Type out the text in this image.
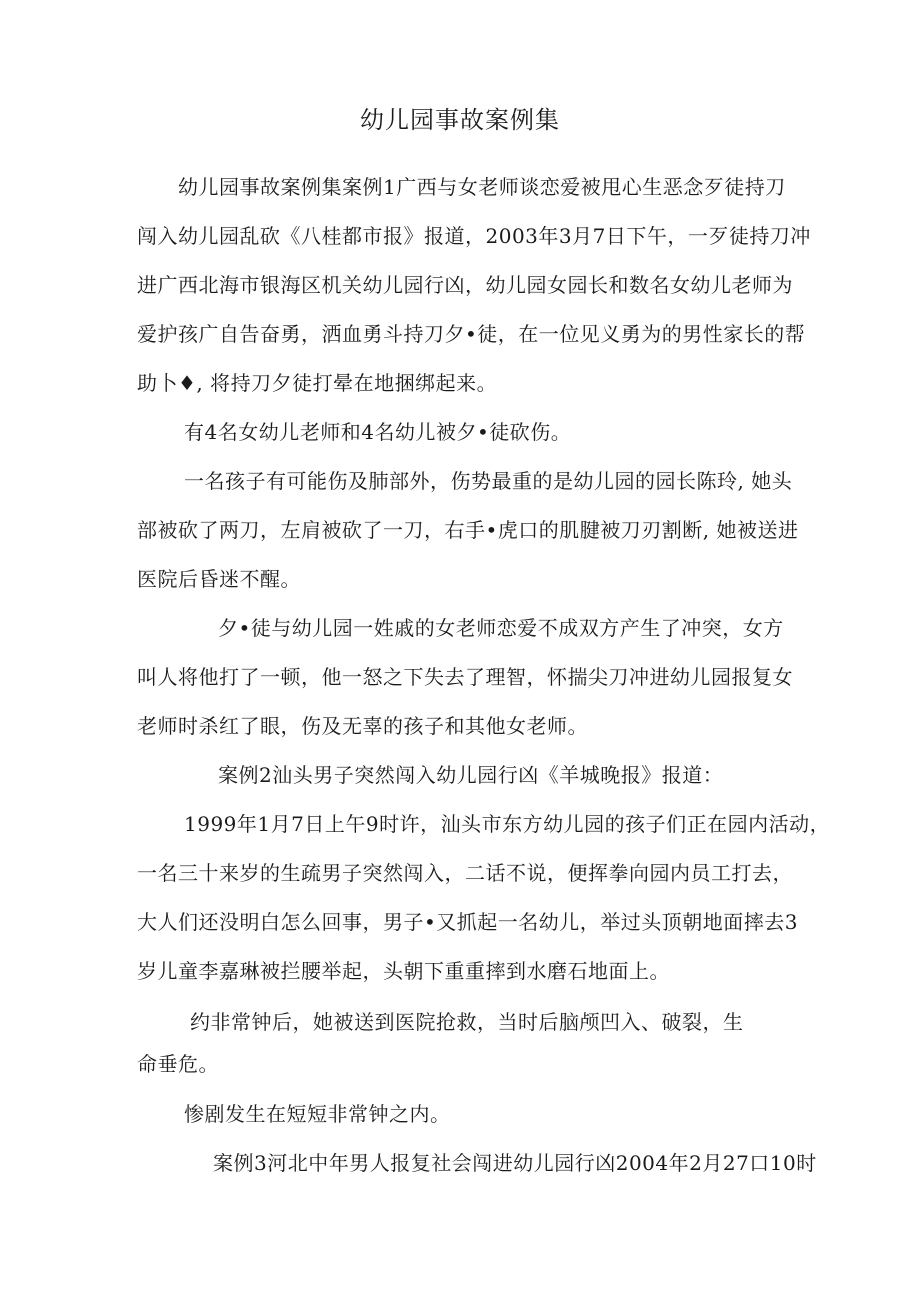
幼儿园事故案例集
幼儿园事故案例集案例1广西与女老师谈恋爱被甩心生恶念歹徒持刀
闯入幼儿园乱砍《八桂都市报》报道，2003年3月7日下午，一歹徒持刀冲
进广西北海市银海区机关幼儿园行凶，幼儿园女园长和数名女幼儿老师为
爱护孩广自告奋勇，洒血勇斗持刀夕•徒，在一位见义勇为的男性家长的帮
助卜♦, 将持刀夕徒打晕在地捆绑起来。
有4名女幼儿老师和4名幼儿被夕•徒砍伤。
一名孩子有可能伤及肺部外，伤势最重的是幼儿园的园长陈玲, 她头
部被砍了两刀，左肩被砍了一刀，右手•虎口的肌腱被刀刃割断, 她被送进
医院后昏迷不醒。
夕•徒与幼儿园一姓戚的女老师恋爱不成双方产生了冲突，女方
叫人将他打了一顿，他一怒之下失去了理智，怀揣尖刀冲进幼儿园报复女
老师时杀红了眼，伤及无辜的孩子和其他女老师。
案例2汕头男子突然闯入幼儿园行凶《羊城晚报》报道：
1999年1月7日上午9时许，汕头市东方幼儿园的孩子们正在园内活动，
一名三十来岁的生疏男子突然闯入，二话不说，便挥拳向园内员工打去，
大人们还没明白怎么回事，男子•又抓起一名幼儿，举过头顶朝地面摔去3
岁儿童李嘉琳被拦腰举起，头朝下重重摔到水磨石地面上。
约非常钟后，她被送到医院抢救，当时后脑颅凹入、破裂，生
命垂危。
惨剧发生在短短非常钟之内。
案例3河北中年男人报复社会闯进幼儿园行凶2004年2月27口10时
